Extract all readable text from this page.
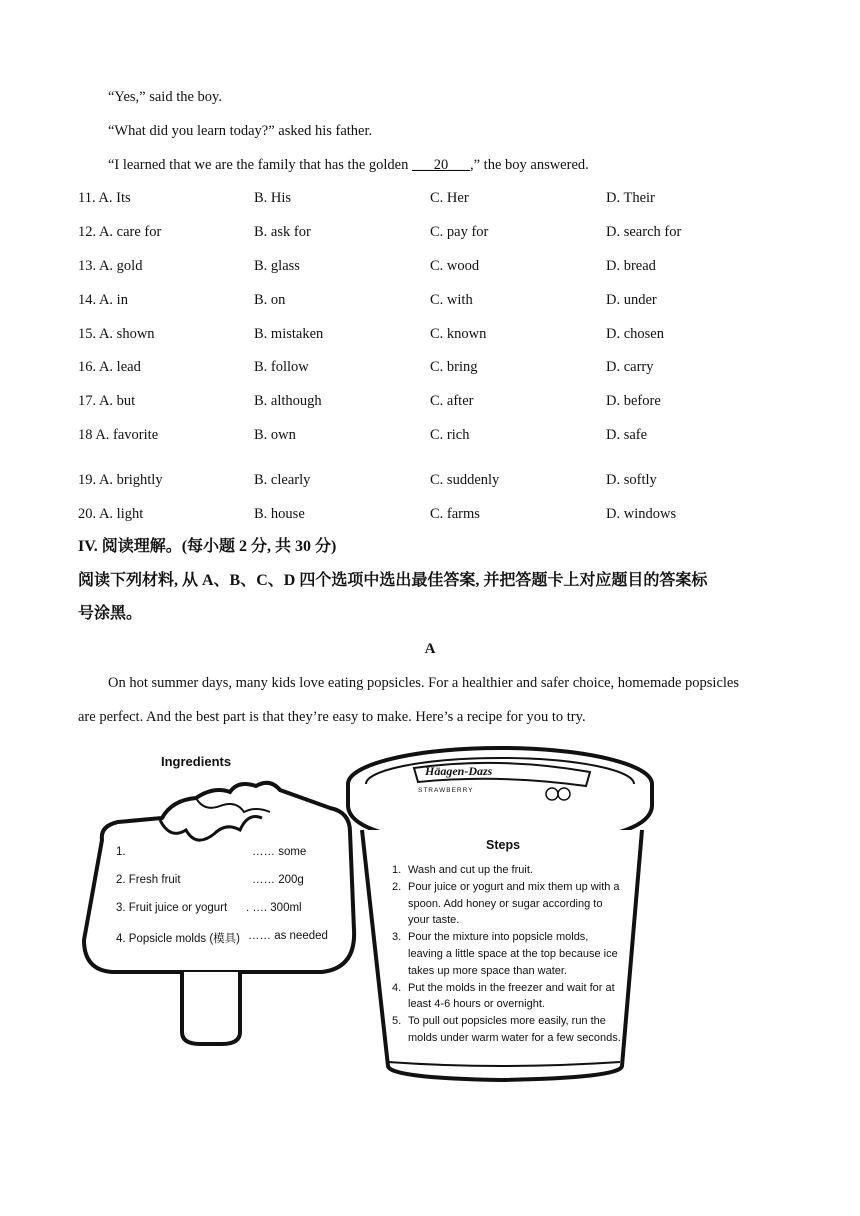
“Yes,” said the boy.
“What did you learn today?” asked his father.
“I learned that we are the family that has the golden ___20___,” the boy answered.
11. A. Its	B. His	C. Her	D. Their
12. A. care for	B. ask for	C. pay for	D. search for
13. A. gold	B. glass	C. wood	D. bread
14. A. in	B. on	C. with	D. under
15. A. shown	B. mistaken	C. known	D. chosen
16. A. lead	B. follow	C. bring	D. carry
17. A. but	B. although	C. after	D. before
18 A. favorite	B. own	C. rich	D. safe
19. A. brightly	B. clearly	C. suddenly	D. softly
20. A. light	B. house	C. farms	D. windows
IV. 阅读理解。(每小题 2 分, 共 30 分)
阅读下列材料, 从 A、B、C、D 四个选项中选出最佳答案, 并把答题卡上对应题目的答案标
号涂黑。
A
On hot summer days, many kids love eating popsicles. For a healthier and safer choice, homemade popsicles
are perfect. And the best part is that they’re easy to make. Here’s a recipe for you to try.
Häagen-Dazs
STRAWBERRY
Ingredients
1.	…… some
2. Fresh fruit	…… 200g
3. Fruit juice or yogurt . …. 300ml
4. Popsicle molds (模具) …… as needed
Steps

1. Wash and cut up the fruit.

2. Pour juice or yogurt and mix them up with a spoon. Add honey or sugar according to your taste.

3. Pour the mixture into popsicle molds, leaving a little space at the top because ice takes up more space than water.

4. Put the molds in the freezer and wait for at least 4-6 hours or overnight.

5. To pull out popsicles more easily, run the molds under warm water for a few seconds.
